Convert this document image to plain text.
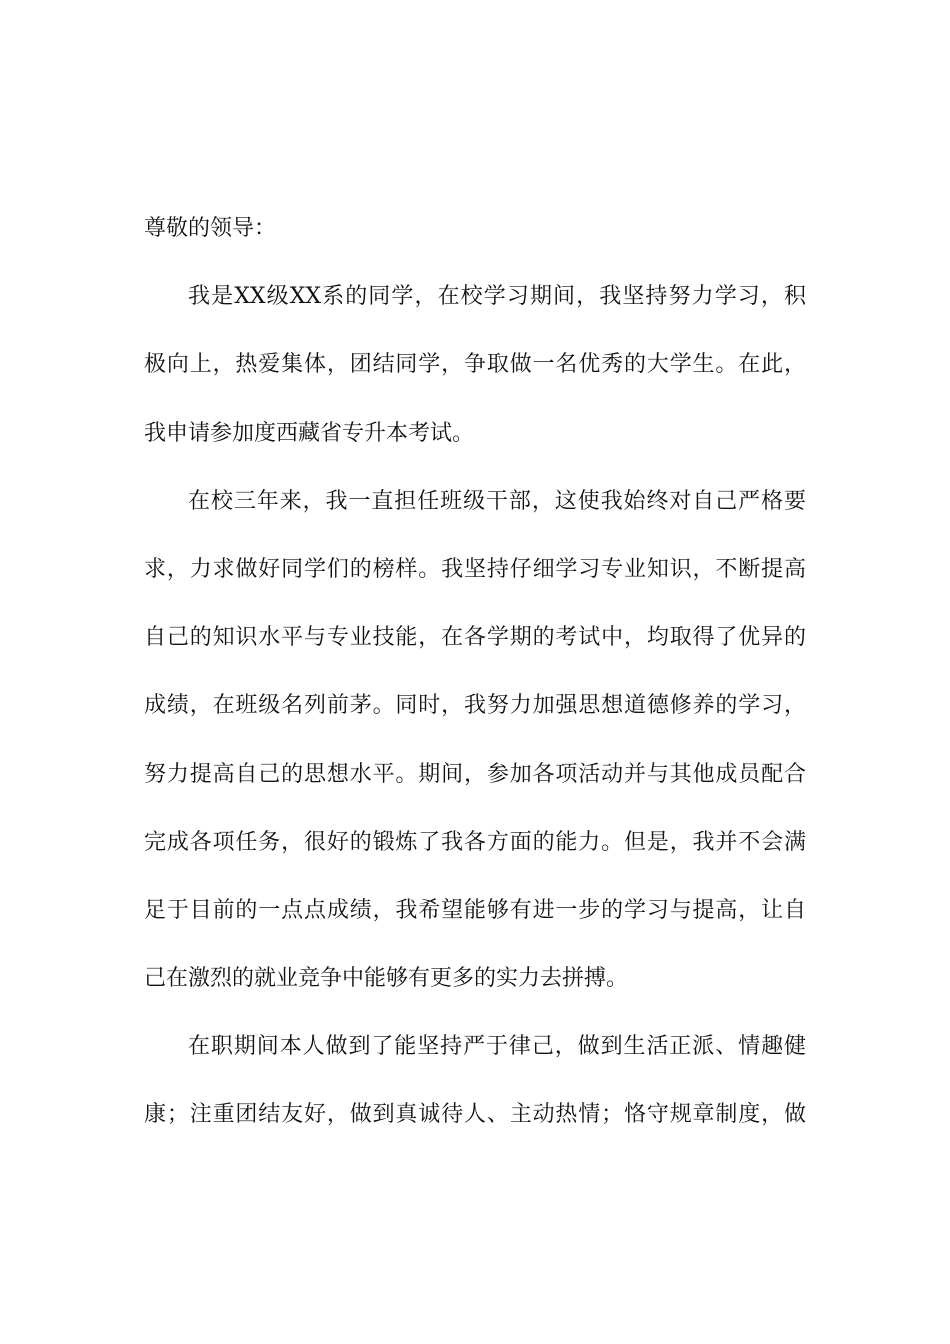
尊敬的领导：
我是XX级XX系的同学，在校学习期间，我坚持努力学习，积
极向上，热爱集体，团结同学，争取做一名优秀的大学生。在此，
我申请参加度西藏省专升本考试。
在校三年来，我一直担任班级干部，这使我始终对自己严格要
求，力求做好同学们的榜样。我坚持仔细学习专业知识，不断提高
自己的知识水平与专业技能，在各学期的考试中，均取得了优异的
成绩，在班级名列前茅。同时，我努力加强思想道德修养的学习，
努力提高自己的思想水平。期间，参加各项活动并与其他成员配合
完成各项任务，很好的锻炼了我各方面的能力。但是，我并不会满
足于目前的一点点成绩，我希望能够有进一步的学习与提高，让自
己在激烈的就业竞争中能够有更多的实力去拼搏。
在职期间本人做到了能坚持严于律己，做到生活正派、情趣健
康；注重团结友好，做到真诚待人、主动热情；恪守规章制度，做
